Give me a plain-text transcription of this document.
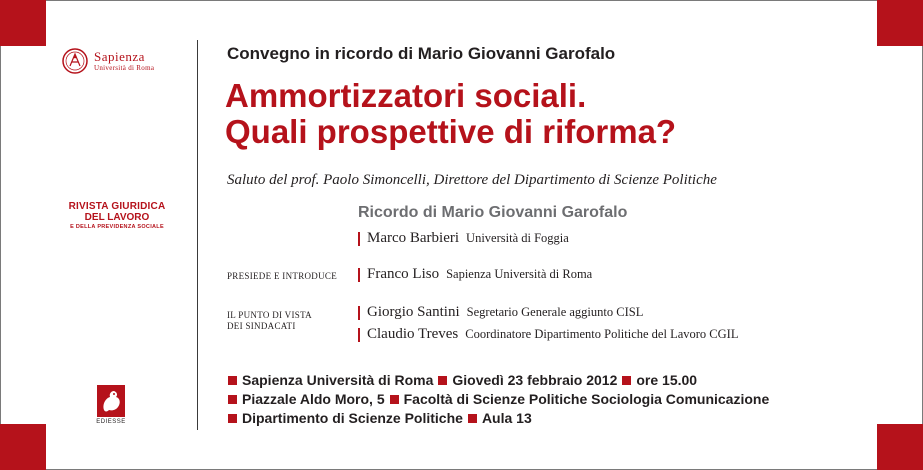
Sapienza
Università di Roma
RIVISTA GIURIDICA
DEL LAVORO
E DELLA PREVIDENZA SOCIALE
EDIESSE
Convegno in ricordo di Mario Giovanni Garofalo
Ammortizzatori sociali.
Quali prospettive di riforma?
Saluto del prof. Paolo Simoncelli, Direttore del Dipartimento di Scienze Politiche
Ricordo di Mario Giovanni Garofalo
Marco Barbieri Università di Foggia
PRESIEDE E INTRODUCE Franco Liso Sapienza Università di Roma
IL PUNTO DI VISTA
DEI SINDACATI
Giorgio Santini Segretario Generale aggiunto CISL
Claudio Treves Coordinatore Dipartimento Politiche del Lavoro CGIL
Sapienza Università di Roma Giovedì 23 febbraio 2012 ore 15.00
Piazzale Aldo Moro, 5 Facoltà di Scienze Politiche Sociologia Comunicazione
Dipartimento di Scienze Politiche Aula 13
